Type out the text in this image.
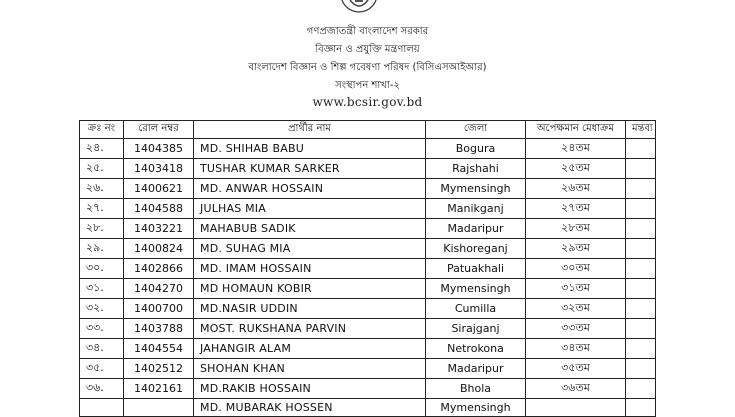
গণপ্রজাতন্ত্রী বাংলাদেশ সরকার
বিজ্ঞান ও প্রযুক্তি মন্ত্রণালয়
বাংলাদেশ বিজ্ঞান ও শিল্প গবেষণা পরিষদ (বিসিএসআইআর)
সংস্থাপন শাখা-২
www.bcsir.gov.bd
ক্রঃ নং	রোল নম্বর	প্রার্থীর নাম	জেলা	অপেক্ষমান মেধাক্রম	মন্তব্য
২৪.	1404385	MD. SHIHAB BABU	Bogura	২৪তম	
২৫.	1403418	TUSHAR KUMAR SARKER	Rajshahi	২৫তম	
২৬.	1400621	MD. ANWAR HOSSAIN	Mymensingh	২৬তম	
২৭.	1404588	JULHAS MIA	Manikganj	২৭তম	
২৮.	1403221	MAHABUB SADIK	Madaripur	২৮তম	
২৯.	1400824	MD. SUHAG MIA	Kishoreganj	২৯তম	
৩০.	1402866	MD. IMAM HOSSAIN	Patuakhali	৩০তম	
৩১.	1404270	MD HOMAUN KOBIR	Mymensingh	৩১তম	
৩২.	1400700	MD.NASIR UDDIN	Cumilla	৩২তম	
৩৩.	1403788	MOST. RUKSHANA PARVIN	Sirajganj	৩৩তম	
৩৪.	1404554	JAHANGIR ALAM	Netrokona	৩৪তম	
৩৫.	1402512	SHOHAN KHAN	Madaripur	৩৫তম	
৩৬.	1402161	MD.RAKIB HOSSAIN	Bhola	৩৬তম	
		MD. MUBARAK HOSSEN	Mymensingh		
